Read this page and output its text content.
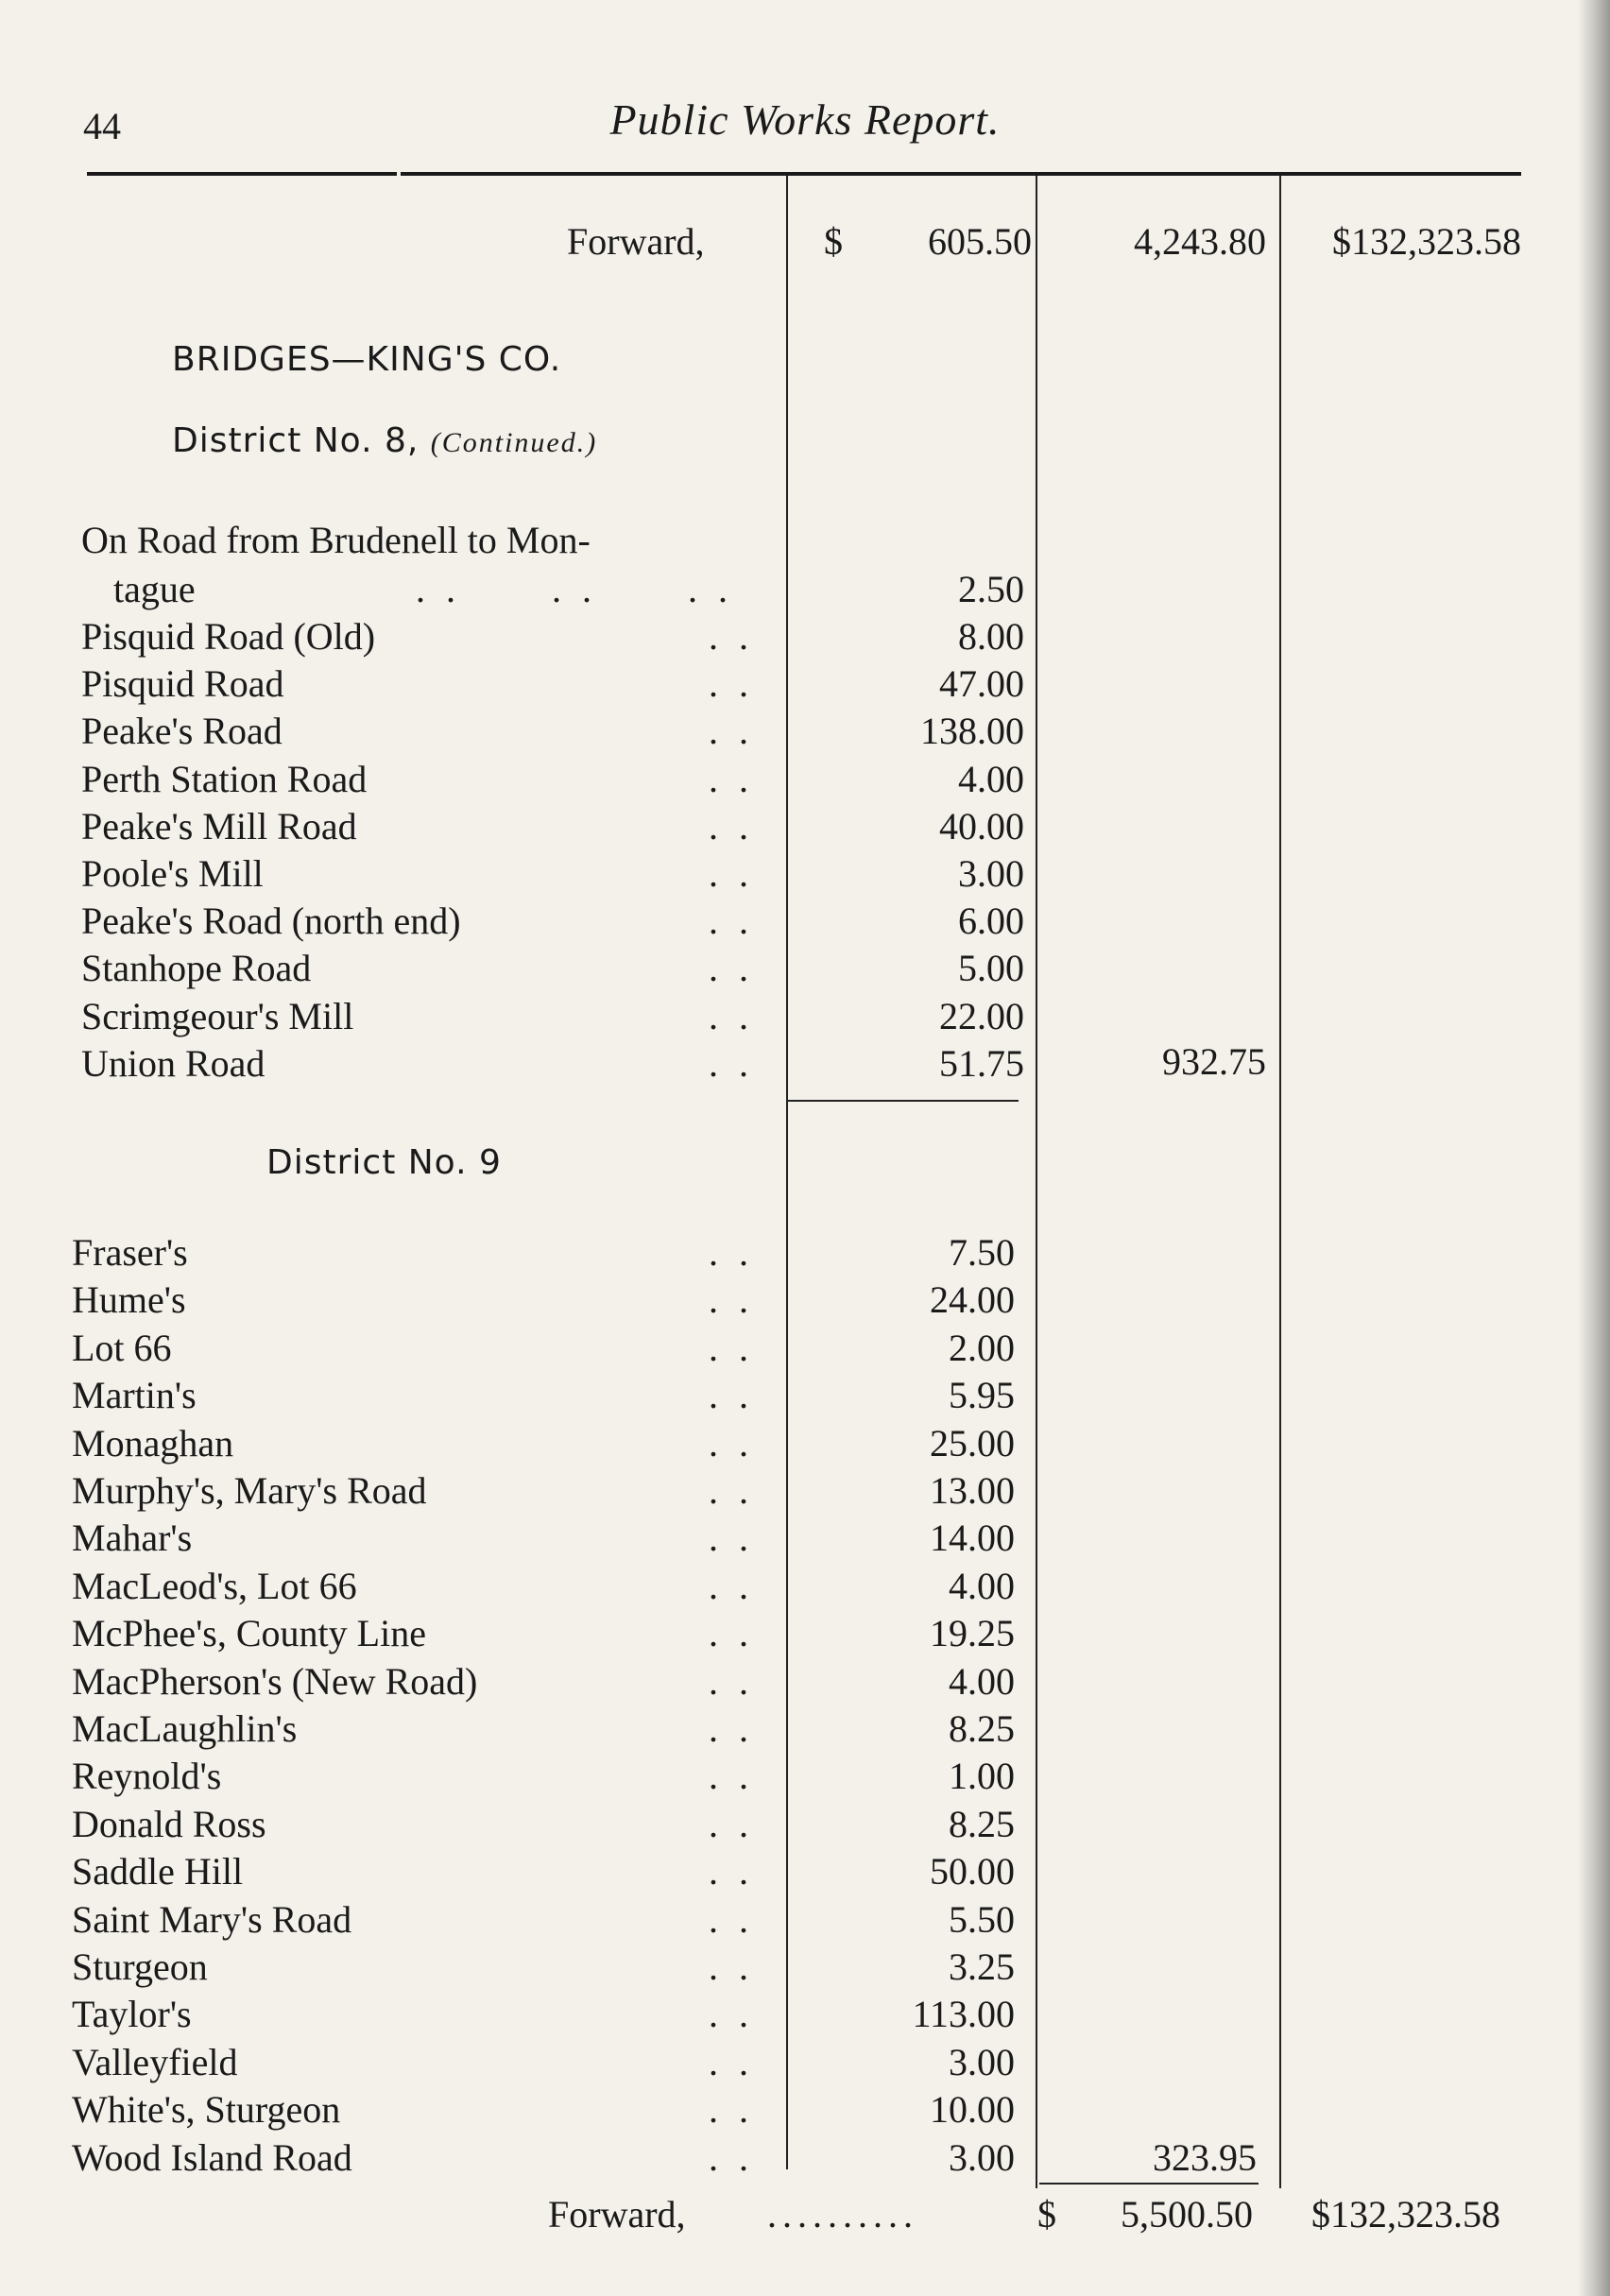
44	Public Works Report.
Forward,	$ 605.50	4,243.80 $132,323.58
BRIDGES—KING'S CO.
District No. 8, (Continued.)
On Road from Brudenell to Mon-
tague	. .      . .      . .	2.50
Pisquid Road (Old)	. .	8.00
Pisquid Road	. .	47.00
Peake's Road	. .	138.00
Perth Station Road	. .	4.00
Peake's Mill Road	. .	40.00
Poole's Mill	. .	3.00
Peake's Road (north end)	. .	6.00
Stanhope Road	. .	5.00
Scrimgeour's Mill	. .	22.00
Union Road	. .	51.75	932.75
District No. 9
Fraser's	. .	7.50
Hume's	. .	24.00
Lot 66	. .	2.00
Martin's	. .	5.95
Monaghan	. .	25.00
Murphy's, Mary's Road	. .	13.00
Mahar's	. .	14.00
MacLeod's, Lot 66	. .	4.00
McPhee's, County Line	. .	19.25
MacPherson's (New Road)	. .	4.00
MacLaughlin's	. .	8.25
Reynold's	. .	1.00
Donald Ross	. .	8.25
Saddle Hill	. .	50.00
Saint Mary's Road	. .	5.50
Sturgeon	. .	3.25
Taylor's	. .	113.00
Valleyfield	. .	3.00
White's, Sturgeon	. .	10.00
Wood Island Road	. .	3.00	323.95
Forward, ..........	$ 5,500.50 $132,323.58
